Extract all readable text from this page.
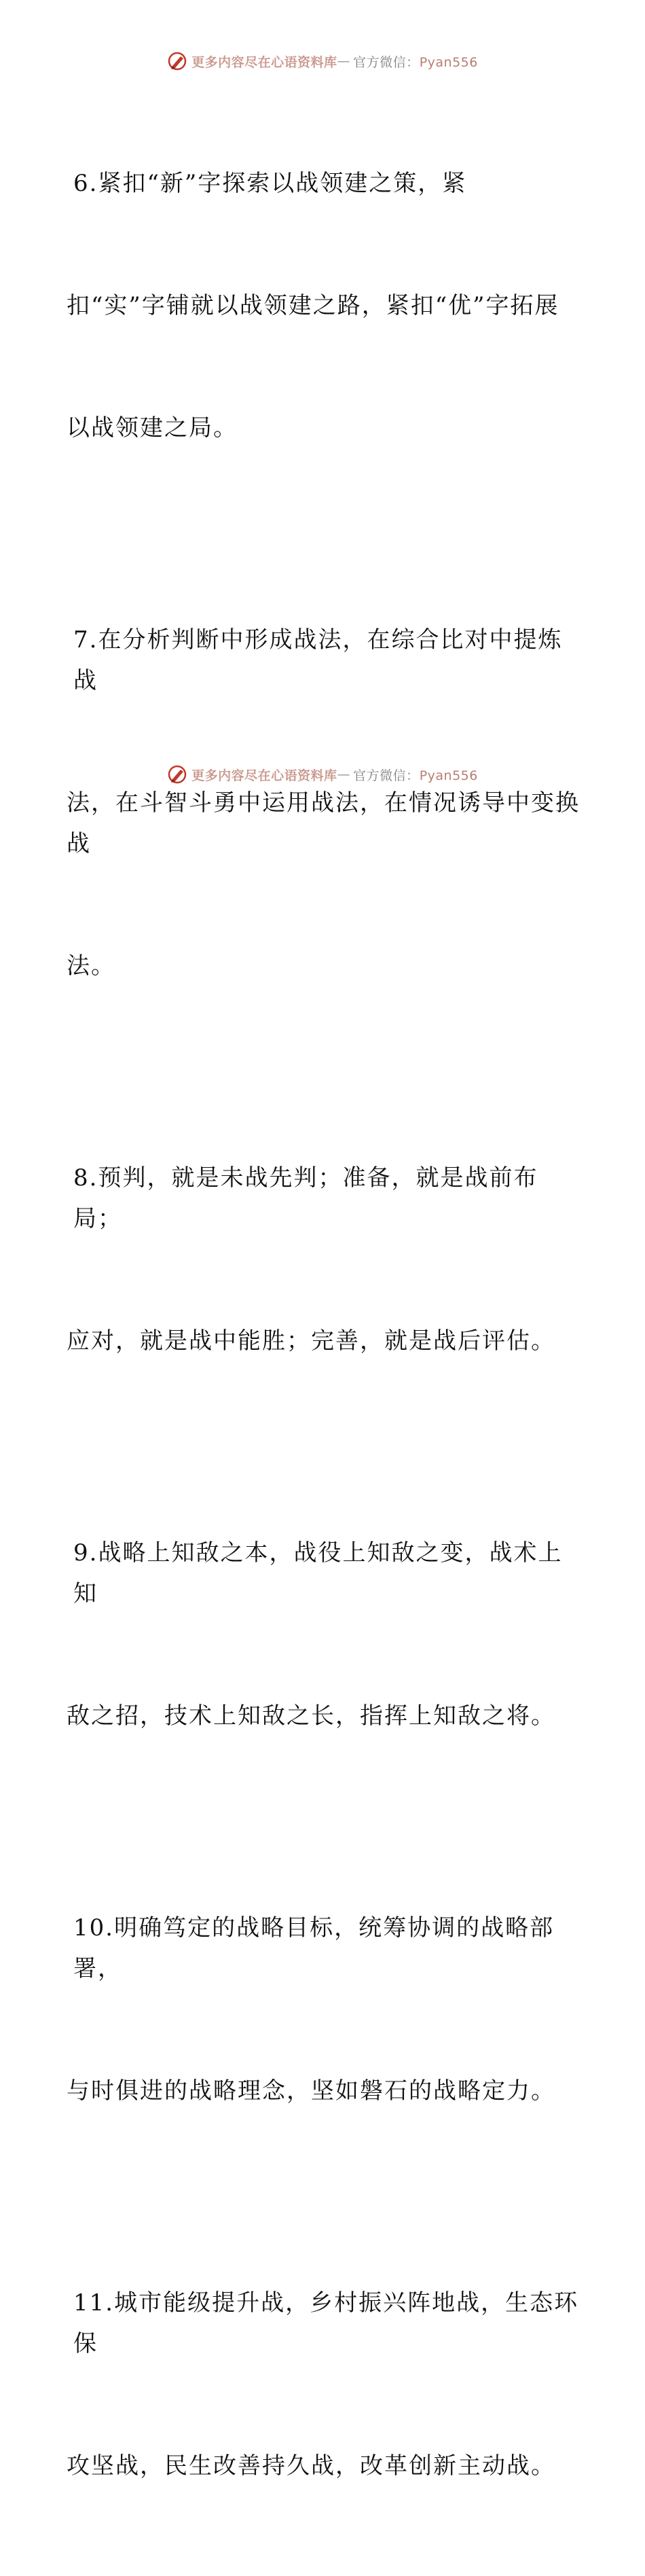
更多内容尽在心语资料库 — 官方微信：Pyan556

6.紧扣“新”字探索以战领建之策，紧

扣“实”字铺就以战领建之路，紧扣“优”字拓展

以战领建之局。

7.在分析判断中形成战法，在综合比对中提炼战

法，在斗智斗勇中运用战法，在情况诱导中变换战

法。

8.预判，就是未战先判；准备，就是战前布局；

应对，就是战中能胜；完善，就是战后评估。

9.战略上知敌之本，战役上知敌之变，战术上知

敌之招，技术上知敌之长，指挥上知敌之将。

10.明确笃定的战略目标，统筹协调的战略部署，

与时俱进的战略理念，坚如磐石的战略定力。

11.城市能级提升战，乡村振兴阵地战，生态环保

攻坚战，民生改善持久战，改革创新主动战。

更多内容尽在心语资料库 — 官方微信：Pyan556
